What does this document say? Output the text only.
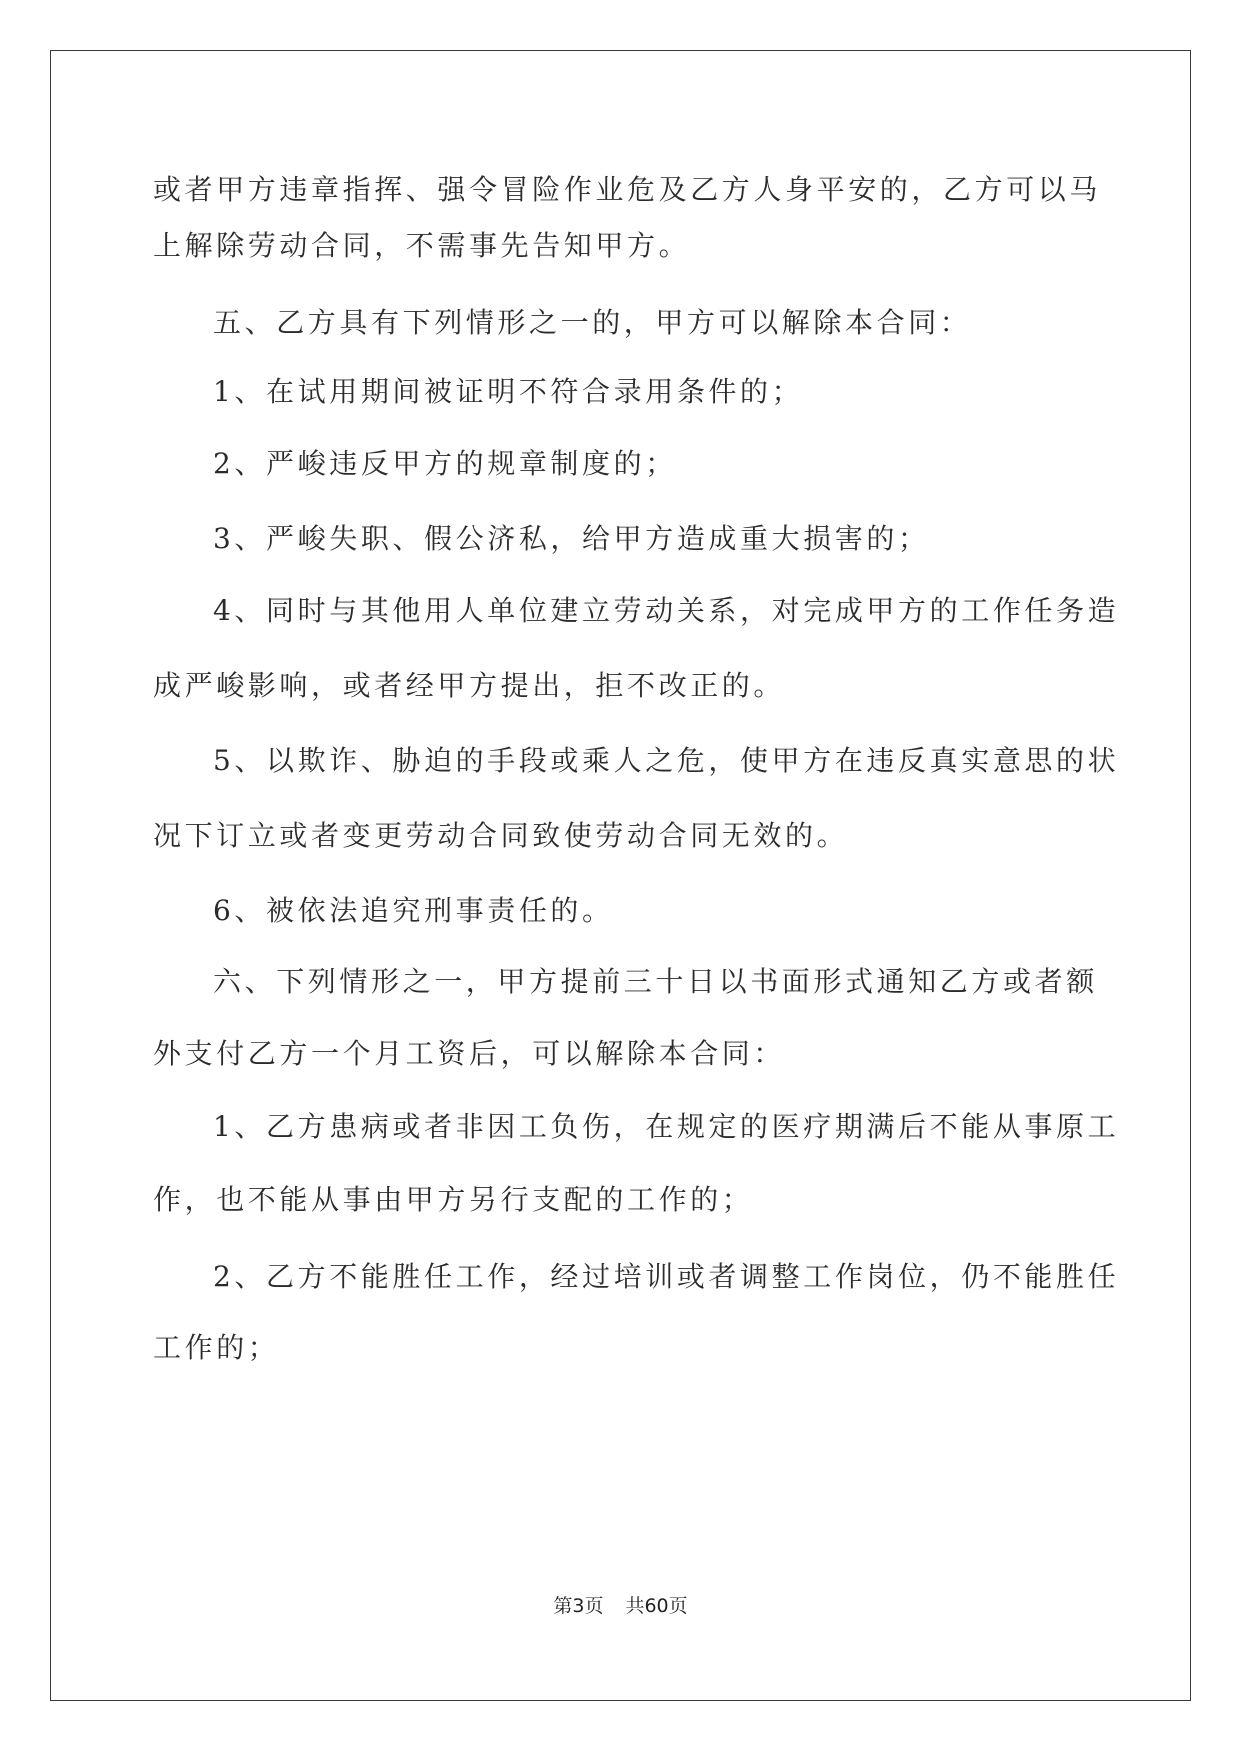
或者甲方违章指挥、强令冒险作业危及乙方人身平安的，乙方可以马
上解除劳动合同，不需事先告知甲方。
五、乙方具有下列情形之一的，甲方可以解除本合同：
1、在试用期间被证明不符合录用条件的；
2、严峻违反甲方的规章制度的；
3、严峻失职、假公济私，给甲方造成重大损害的；
4、同时与其他用人单位建立劳动关系，对完成甲方的工作任务造
成严峻影响，或者经甲方提出，拒不改正的。
5、以欺诈、胁迫的手段或乘人之危，使甲方在违反真实意思的状
况下订立或者变更劳动合同致使劳动合同无效的。
6、被依法追究刑事责任的。
六、下列情形之一，甲方提前三十日以书面形式通知乙方或者额
外支付乙方一个月工资后，可以解除本合同：
1、乙方患病或者非因工负伤，在规定的医疗期满后不能从事原工
作，也不能从事由甲方另行支配的工作的；
2、乙方不能胜任工作，经过培训或者调整工作岗位，仍不能胜任
工作的；
第3页 共60页
